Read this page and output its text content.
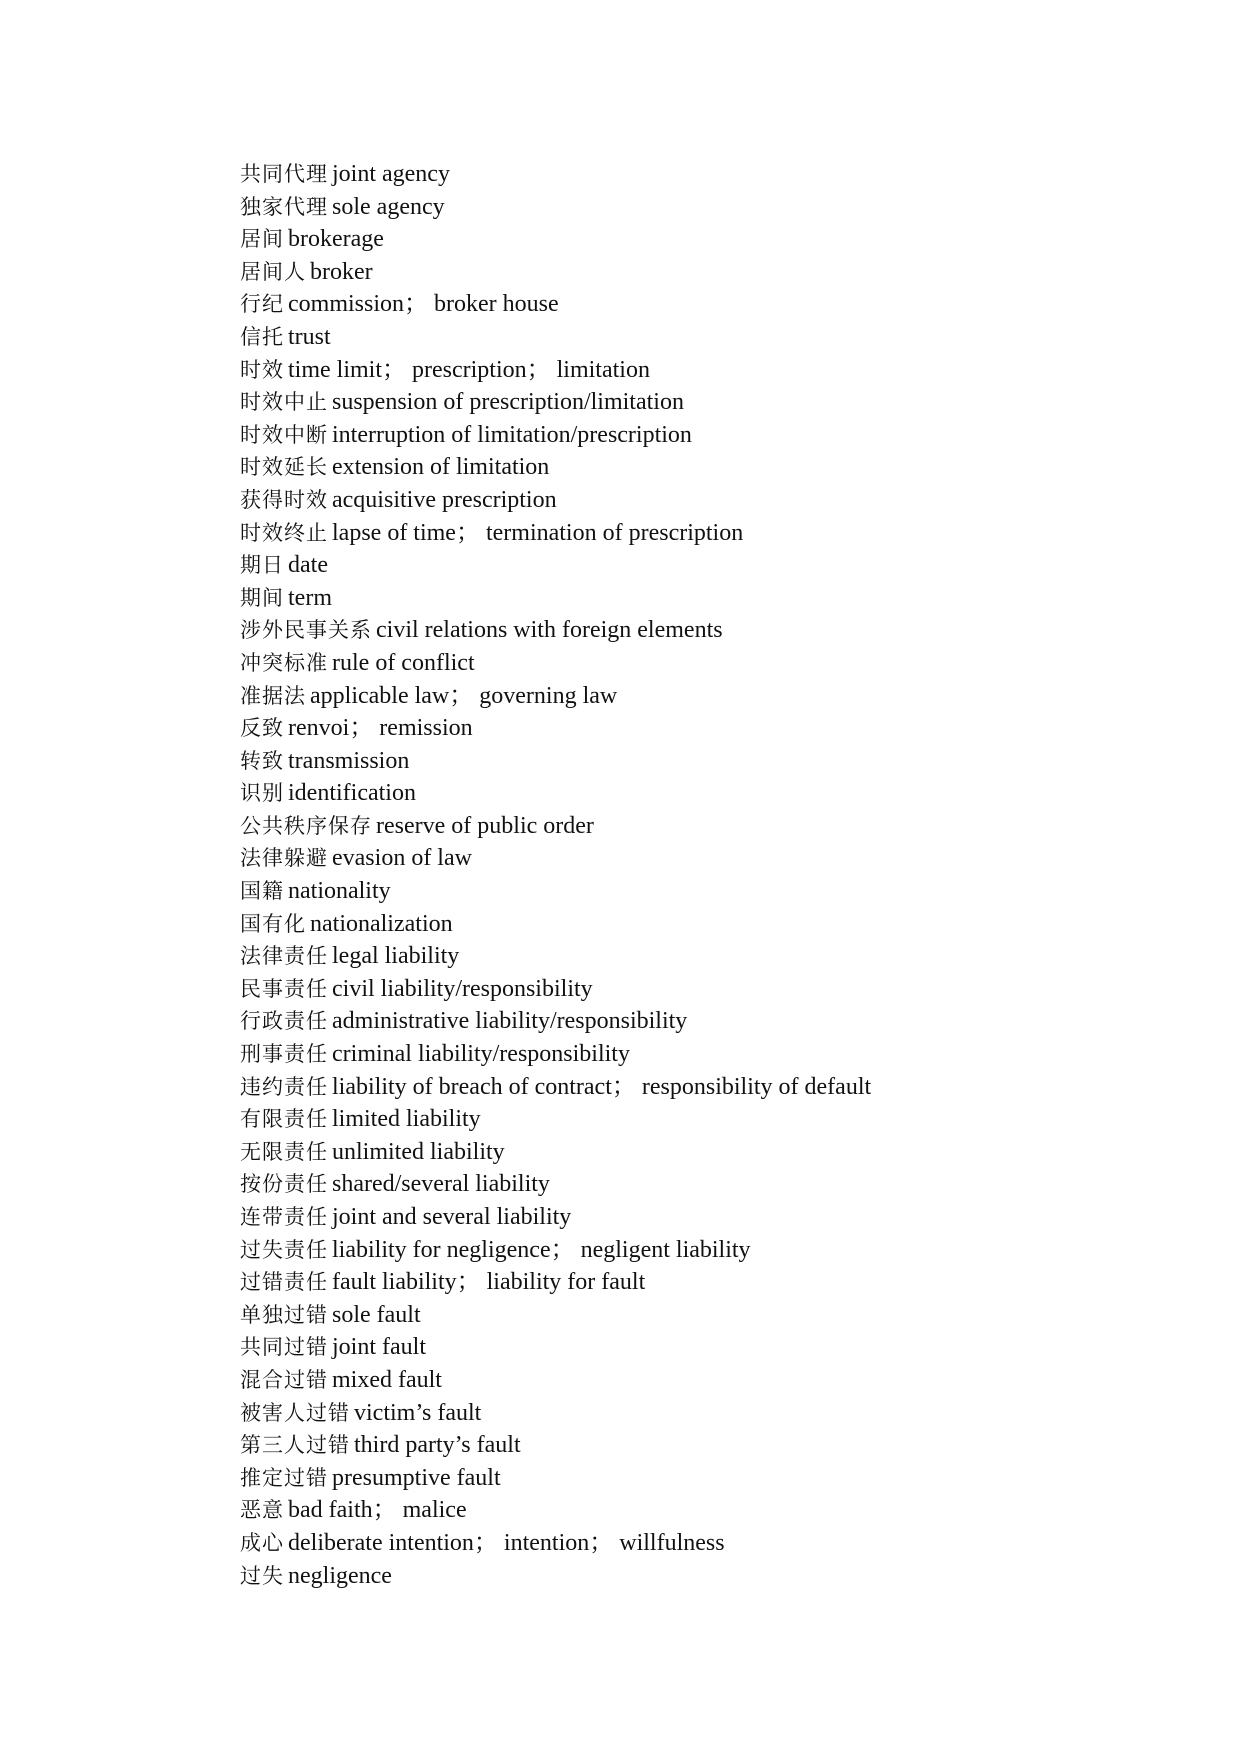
共同代理 joint agency
独家代理 sole agency
居间 brokerage
居间人 broker
行纪 commission； broker house
信托 trust
时效 time limit； prescription； limitation
时效中止 suspension of prescription/limitation
时效中断 interruption of limitation/prescription
时效延长 extension of limitation
获得时效 acquisitive prescription
时效终止 lapse of time； termination of prescription
期日 date
期间 term
涉外民事关系 civil relations with foreign elements
冲突标准 rule of conflict
准据法 applicable law； governing law
反致 renvoi； remission
转致 transmission
识别 identification
公共秩序保存 reserve of public order
法律躲避 evasion of law
国籍 nationality
国有化 nationalization
法律责任 legal liability
民事责任 civil liability/responsibility
行政责任 administrative liability/responsibility
刑事责任 criminal liability/responsibility
违约责任 liability of breach of contract； responsibility of default
有限责任 limited liability
无限责任 unlimited liability
按份责任 shared/several liability
连带责任 joint and several liability
过失责任 liability for negligence； negligent liability
过错责任 fault liability； liability for fault
单独过错 sole fault
共同过错 joint fault
混合过错 mixed fault
被害人过错 victim’s fault
第三人过错 third party’s fault
推定过错 presumptive fault
恶意 bad faith； malice
成心 deliberate intention； intention； willfulness
过失 negligence
